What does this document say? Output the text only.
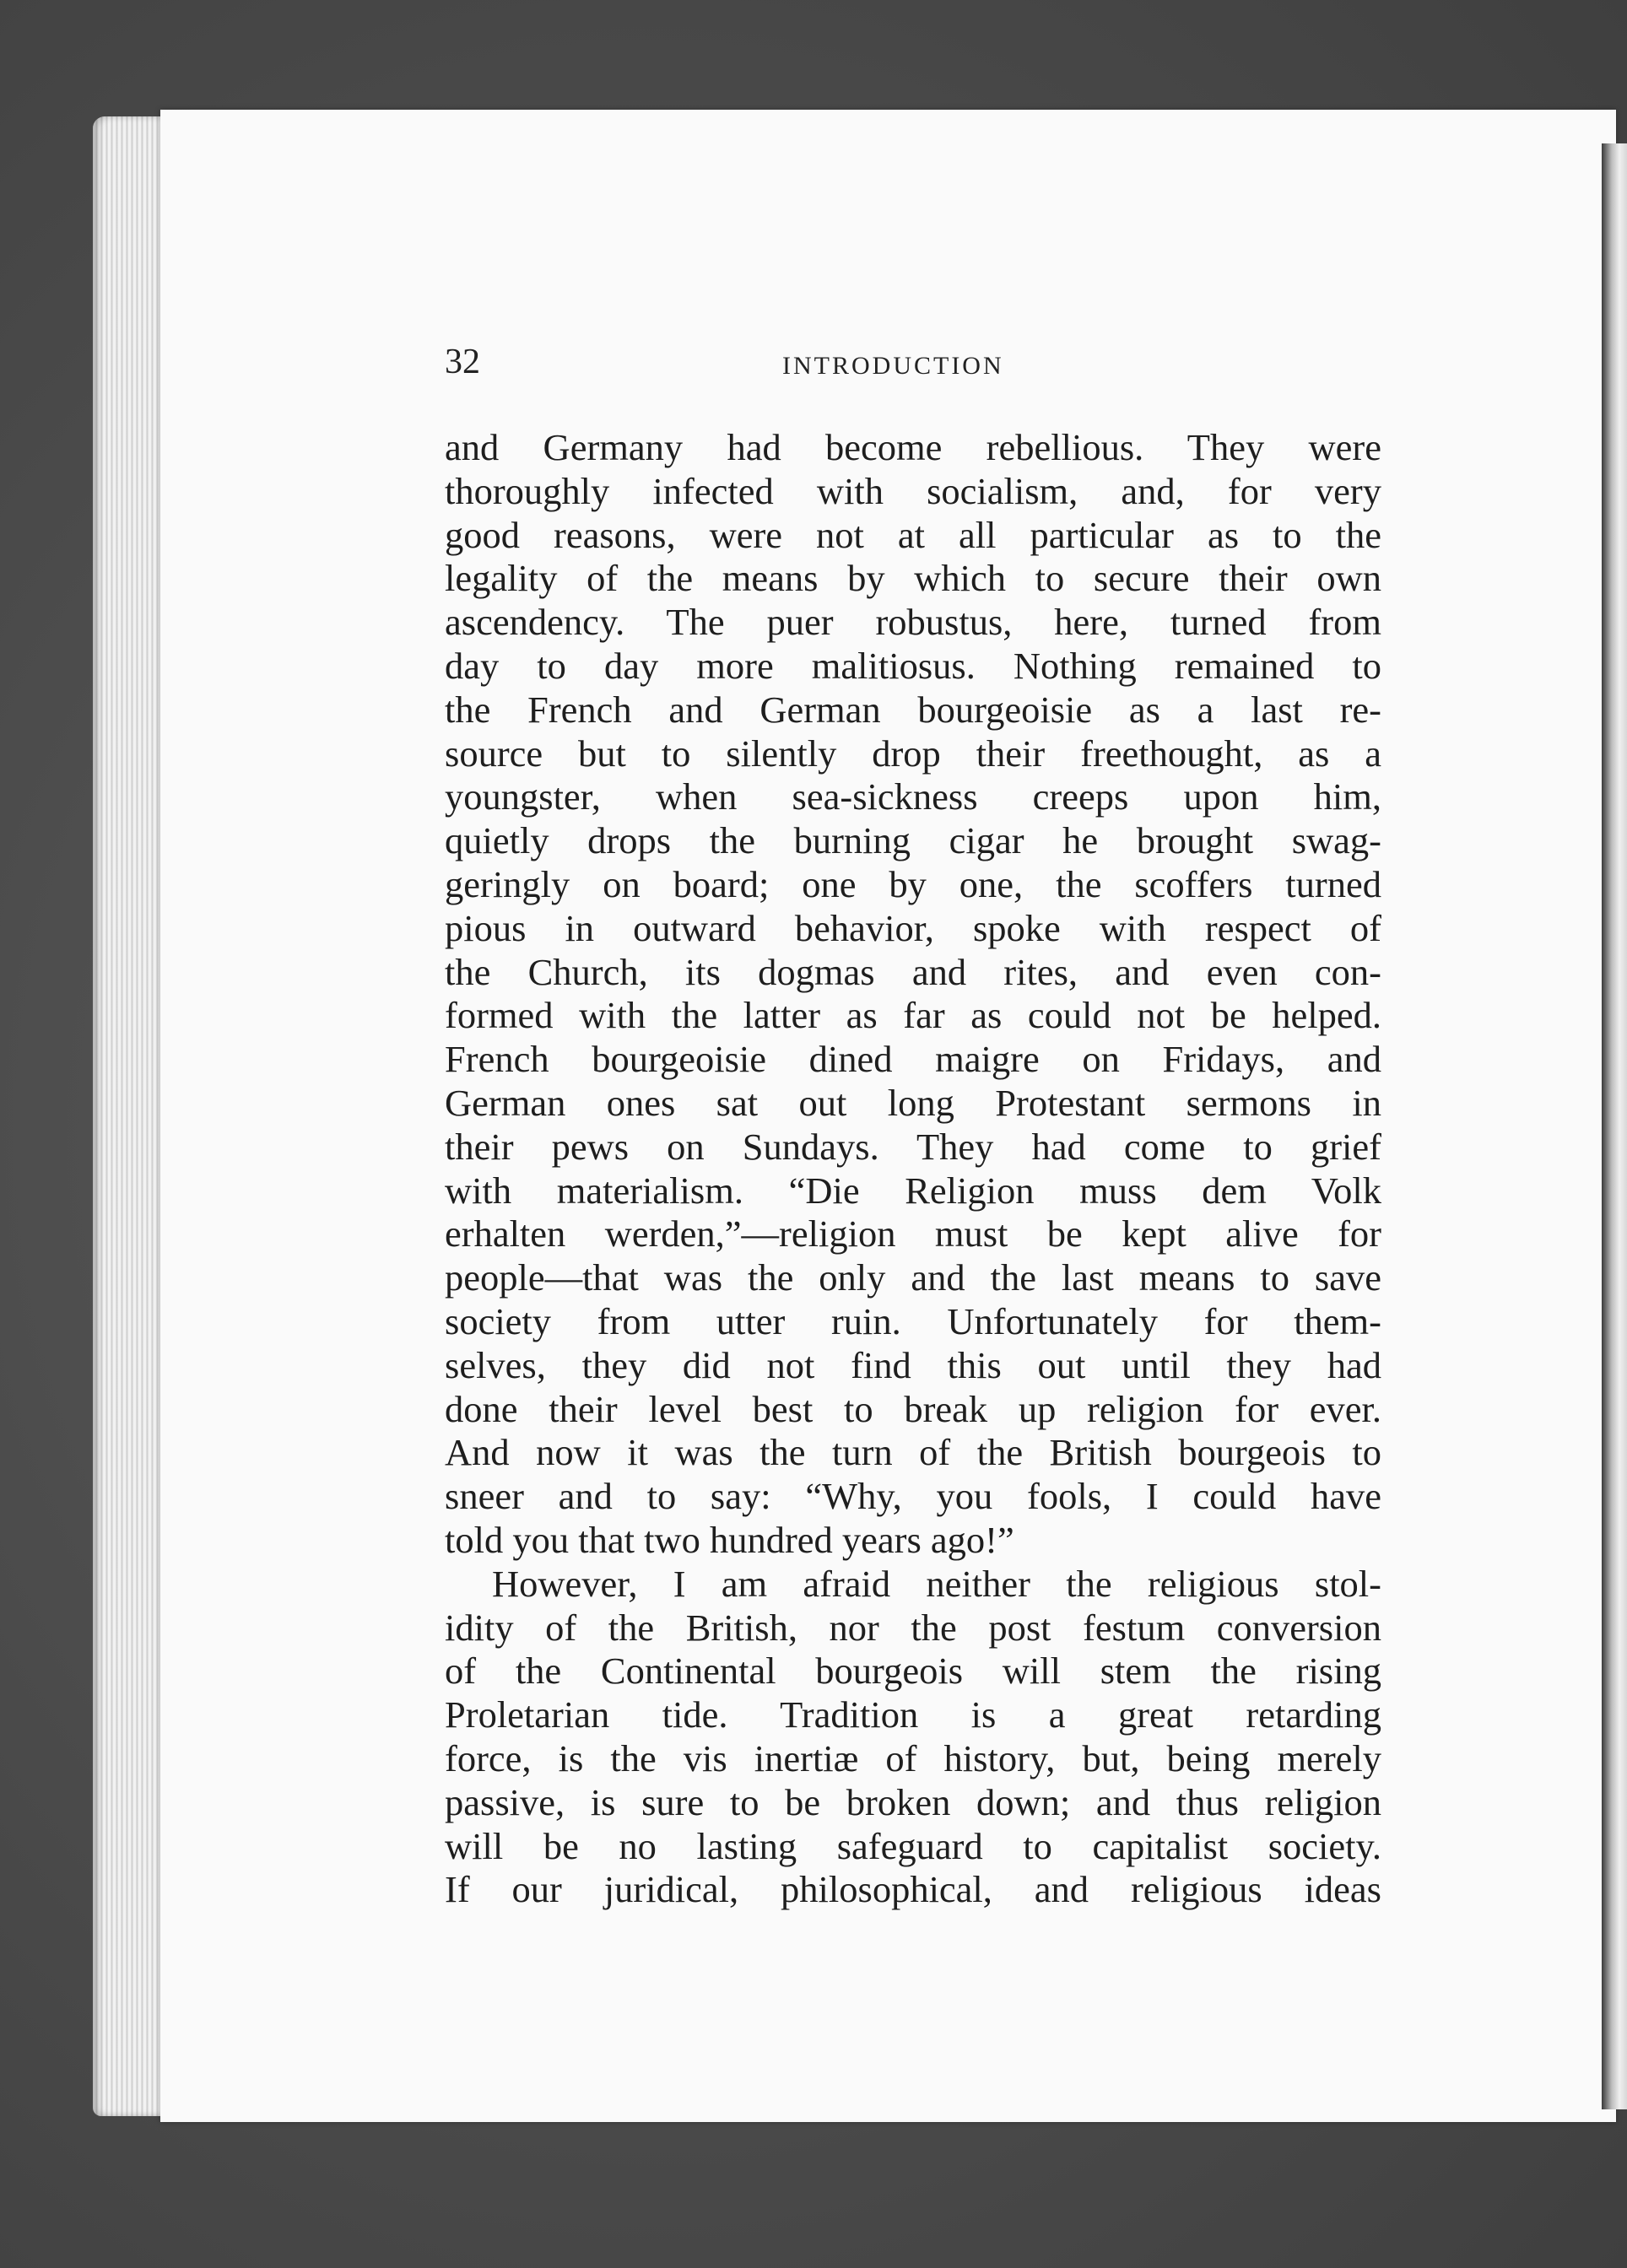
32	INTRODUCTION
and Germany had become rebellious. They were
thoroughly infected with socialism, and, for very
good reasons, were not at all particular as to the
legality of the means by which to secure their own
ascendency. The puer robustus, here, turned from
day to day more malitiosus. Nothing remained to
the French and German bourgeoisie as a last re-
source but to silently drop their freethought, as a
youngster, when sea-sickness creeps upon him,
quietly drops the burning cigar he brought swag-
geringly on board; one by one, the scoffers turned
pious in outward behavior, spoke with respect of
the Church, its dogmas and rites, and even con-
formed with the latter as far as could not be helped.
French bourgeoisie dined maigre on Fridays, and
German ones sat out long Protestant sermons in
their pews on Sundays. They had come to grief
with materialism. “Die Religion muss dem Volk
erhalten werden,”—religion must be kept alive for
people—that was the only and the last means to save
society from utter ruin. Unfortunately for them-
selves, they did not find this out until they had
done their level best to break up religion for ever.
And now it was the turn of the British bourgeois to
sneer and to say: “Why, you fools, I could have
told you that two hundred years ago!”
However, I am afraid neither the religious stol-
idity of the British, nor the post festum conversion
of the Continental bourgeois will stem the rising
Proletarian tide. Tradition is a great retarding
force, is the vis inertiæ of history, but, being merely
passive, is sure to be broken down; and thus religion
will be no lasting safeguard to capitalist society.
If our juridical, philosophical, and religious ideas
